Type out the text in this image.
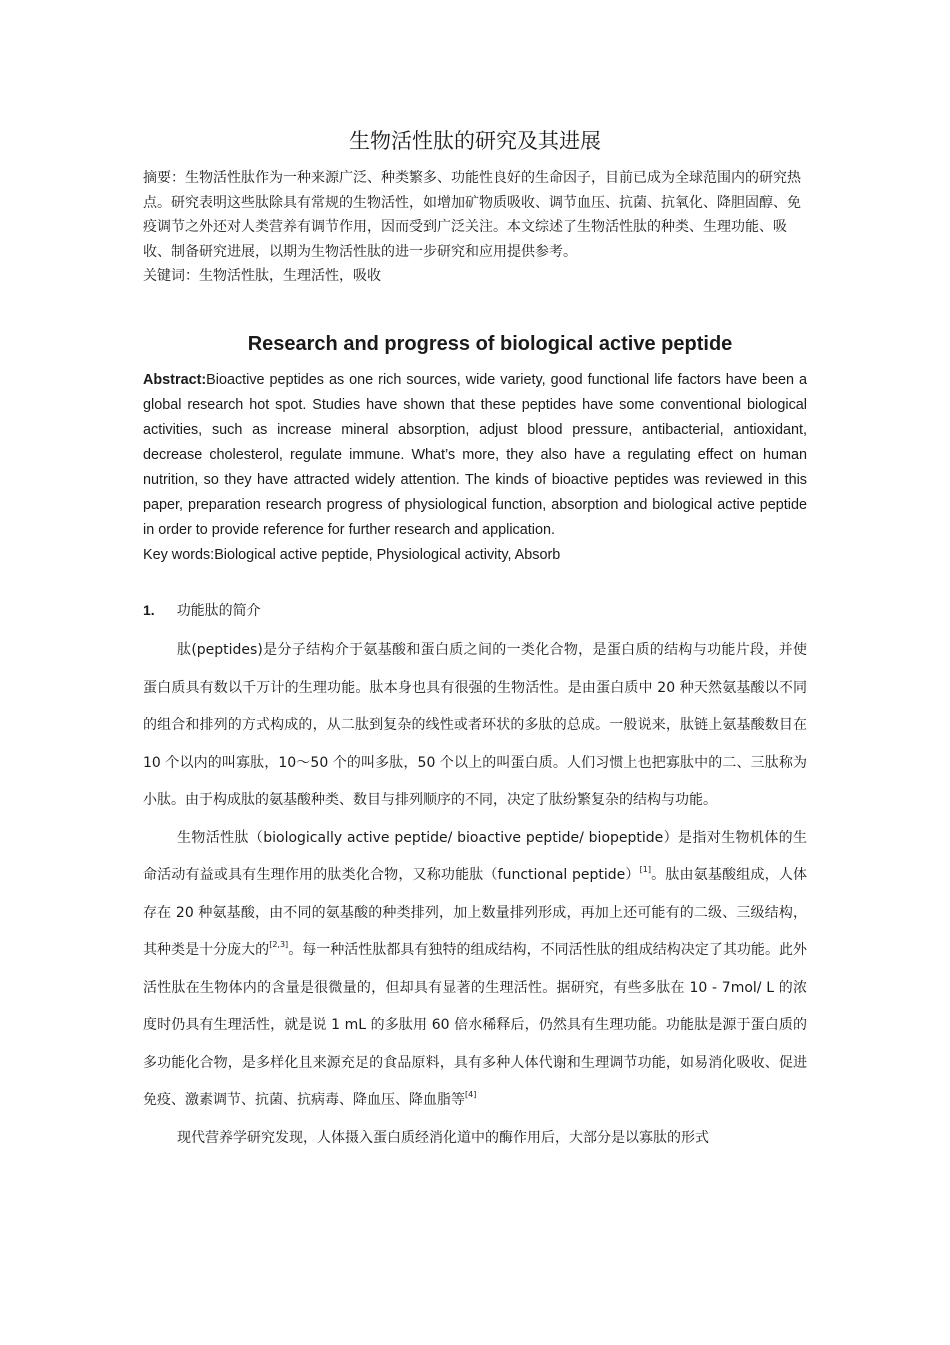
生物活性肽的研究及其进展

摘要：生物活性肽作为一种来源广泛、种类繁多、功能性良好的生命因子，目前已成为全球范围内的研究热点。研究表明这些肽除具有常规的生物活性，如增加矿物质吸收、调节血压、抗菌、抗氧化、降胆固醇、免疫调节之外还对人类营养有调节作用，因而受到广泛关注。本文综述了生物活性肽的种类、生理功能、吸收、制备研究进展，以期为生物活性肽的进一步研究和应用提供参考。

关键词：生物活性肽，生理活性，吸收

Research and progress of biological active peptide

Abstract:Bioactive peptides as one rich sources, wide variety, good functional life factors have been a global research hot spot. Studies have shown that these peptides have some conventional biological activities, such as increase mineral absorption, adjust blood pressure, antibacterial, antioxidant, decrease cholesterol, regulate immune. What’s more, they also have a regulating effect on human nutrition, so they have attracted widely attention. The kinds of bioactive peptides was reviewed in this paper, preparation research progress of physiological function, absorption and biological active peptide in order to provide reference for further research and application.

Key words:Biological active peptide, Physiological activity, Absorb

1. 功能肽的简介

肽(peptides)是分子结构介于氨基酸和蛋白质之间的一类化合物，是蛋白质的结构与功能片段，并使蛋白质具有数以千万计的生理功能。肽本身也具有很强的生物活性。是由蛋白质中 20 种天然氨基酸以不同的组合和排列的方式构成的，从二肽到复杂的线性或者环状的多肽的总成。一般说来，肽链上氨基酸数目在 10 个以内的叫寡肽，10～50 个的叫多肽，50 个以上的叫蛋白质。人们习惯上也把寡肽中的二、三肽称为小肽。由于构成肽的氨基酸种类、数目与排列顺序的不同，决定了肽纷繁复杂的结构与功能。

生物活性肽（biologically active peptide/ bioactive peptide/ biopeptide）是指对生物机体的生命活动有益或具有生理作用的肽类化合物，又称功能肽（functional peptide）[1]。肽由氨基酸组成，人体存在 20 种氨基酸，由不同的氨基酸的种类排列，加上数量排列形成，再加上还可能有的二级、三级结构，其种类是十分庞大的[2,3]。每一种活性肽都具有独特的组成结构，不同活性肽的组成结构决定了其功能。此外活性肽在生物体内的含量是很微量的，但却具有显著的生理活性。据研究，有些多肽在 10 - 7mol/ L 的浓度时仍具有生理活性，就是说 1 mL 的多肽用 60 倍水稀释后，仍然具有生理功能。功能肽是源于蛋白质的多功能化合物，是多样化且来源充足的食品原料，具有多种人体代谢和生理调节功能，如易消化吸收、促进免疫、激素调节、抗菌、抗病毒、降血压、降血脂等[4]

现代营养学研究发现，人体摄入蛋白质经消化道中的酶作用后，大部分是以寡肽的形式
